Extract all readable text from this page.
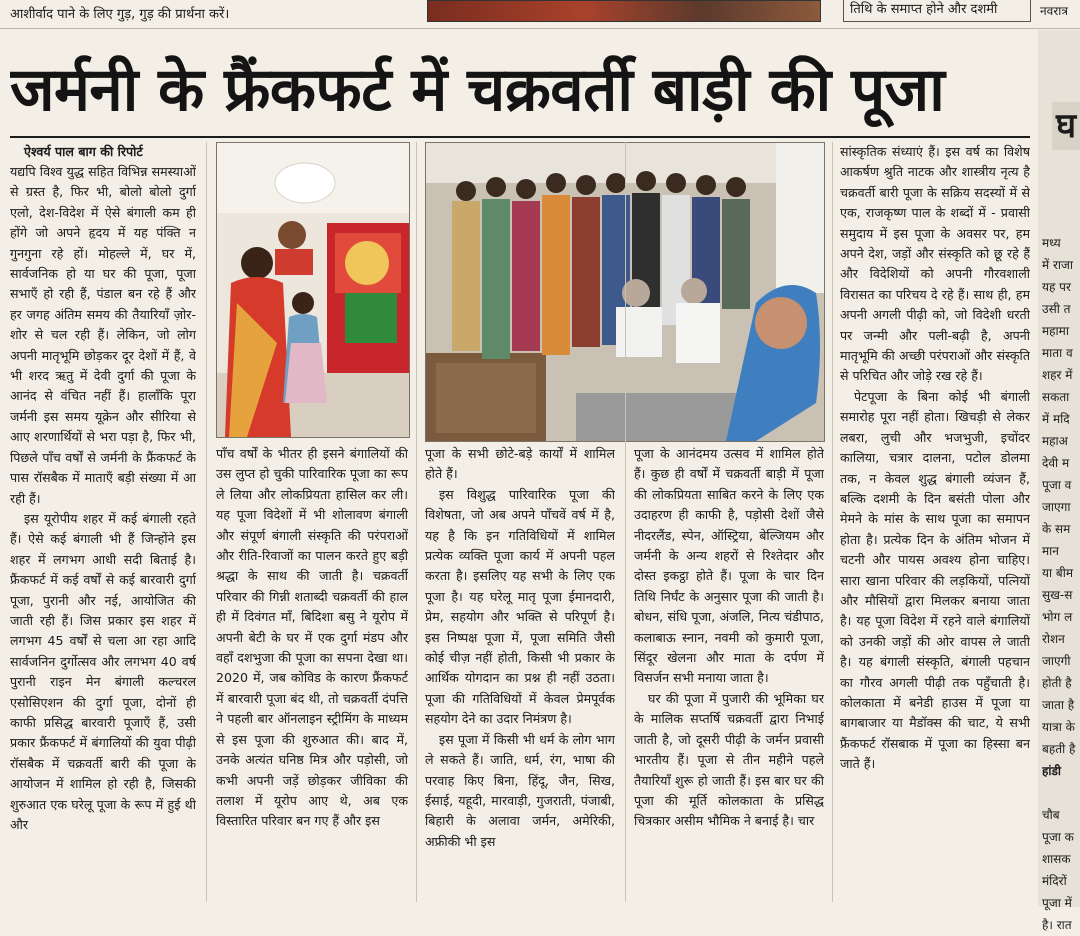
आशीर्वाद पाने के लिए गुड़, गुड़ की प्रार्थना करें।	तिथि के समाप्त होने और दशमी	नवरात्र
जर्मनी के फ्रैंकफर्ट में चक्रवर्ती बाड़ी की पूजा

ऐश्वर्य पाल बाग की रिपोर्ट

यद्यपि विश्व युद्ध सहित विभिन्न समस्याओं से ग्रस्त है, फिर भी, बोलो बोलो दुर्गा एलो, देश-विदेश में ऐसे बंगाली कम ही होंगे जो अपने हृदय में यह पंक्ति न गुनगुना रहे हों। मोहल्ले में, घर में, सार्वजनिक हो या घर की पूजा, पूजा सभाएँ हो रही हैं, पंडाल बन रहे हैं और हर जगह अंतिम समय की तैयारियाँ ज़ोर-शोर से चल रही हैं। लेकिन, जो लोग अपनी मातृभूमि छोड़कर दूर देशों में हैं, वे भी शरद ऋतु में देवी दुर्गा की पूजा के आनंद से वंचित नहीं हैं। हालाँकि पूरा जर्मनी इस समय यूक्रेन और सीरिया से आए शरणार्थियों से भरा पड़ा है, फिर भी, पिछले पाँच वर्षों से जर्मनी के फ्रैंकफर्ट के पास रॉसबैक में माताएँ बड़ी संख्या में आ रही हैं।

इस यूरोपीय शहर में कई बंगाली रहते हैं। ऐसे कई बंगाली भी हैं जिन्होंने इस शहर में लगभग आधी सदी बिताई है। फ्रैंकफर्ट में कई वर्षों से कई बारवारी दुर्गा पूजा, पुरानी और नई, आयोजित की जाती रही हैं। जिस प्रकार इस शहर में लगभग 45 वर्षों से चला आ रहा आदि सार्वजनिन दुर्गोत्सव और लगभग 40 वर्ष पुरानी राइन मेन बंगाली कल्चरल एसोसिएशन की दुर्गा पूजा, दोनों ही काफी प्रसिद्ध बारवारी पूजाएँ हैं, उसी प्रकार फ्रैंकफर्ट में बंगालियों की युवा पीढ़ी रॉसबैक में चक्रवर्ती बारी की पूजा के आयोजन में शामिल हो रही है, जिसकी शुरुआत एक घरेलू पूजा के रूप में हुई थी और

पाँच वर्षों के भीतर ही इसने बंगालियों की उस लुप्त हो चुकी पारिवारिक पूजा का रूप ले लिया और लोकप्रियता हासिल कर ली। यह पूजा विदेशों में भी शोलावण बंगाली और संपूर्ण बंगाली संस्कृति की परंपराओं और रीति-रिवाजों का पालन करते हुए बड़ी श्रद्धा के साथ की जाती है। चक्रवर्ती परिवार की गिन्नी शताब्दी चक्रवर्ती की हाल ही में दिवंगत माँ, बिदिशा बसु ने यूरोप में अपनी बेटी के घर में एक दुर्गा मंडप और वहाँ दशभुजा की पूजा का सपना देखा था। 2020 में, जब कोविड के कारण फ्रैंकफर्ट में बारवारी पूजा बंद थी, तो चक्रवर्ती दंपत्ति ने पहली बार ऑनलाइन स्ट्रीमिंग के माध्यम से इस पूजा की शुरुआत की। बाद में, उनके अत्यंत घनिष्ठ मित्र और पड़ोसी, जो कभी अपनी जड़ें छोड़कर जीविका की तलाश में यूरोप आए थे, अब एक विस्तारित परिवार बन गए हैं और इस

पूजा के सभी छोटे-बड़े कार्यों में शामिल होते हैं।

इस विशुद्ध पारिवारिक पूजा की विशेषता, जो अब अपने पाँचवें वर्ष में है, यह है कि इन गतिविधियों में शामिल प्रत्येक व्यक्ति पूजा कार्य में अपनी पहल करता है। इसलिए यह सभी के लिए एक पूजा है। यह घरेलू मातृ पूजा ईमानदारी, प्रेम, सहयोग और भक्ति से परिपूर्ण है। इस निष्पक्ष पूजा में, पूजा समिति जैसी कोई चीज़ नहीं होती, किसी भी प्रकार के आर्थिक योगदान का प्रश्न ही नहीं उठता। पूजा की गतिविधियों में केवल प्रेमपूर्वक सहयोग देने का उदार निमंत्रण है।

इस पूजा में किसी भी धर्म के लोग भाग ले सकते हैं। जाति, धर्म, रंग, भाषा की परवाह किए बिना, हिंदू, जैन, सिख, ईसाई, यहूदी, मारवाड़ी, गुजराती, पंजाबी, बिहारी के अलावा जर्मन, अमेरिकी, अफ्रीकी भी इस

पूजा के आनंदमय उत्सव में शामिल होते हैं। कुछ ही वर्षों में चक्रवर्ती बाड़ी में पूजा की लोकप्रियता साबित करने के लिए एक उदाहरण ही काफी है, पड़ोसी देशों जैसे नीदरलैंड, स्पेन, ऑस्ट्रिया, बेल्जियम और जर्मनी के अन्य शहरों से रिश्तेदार और दोस्त इकट्ठा होते हैं। पूजा के चार दिन तिथि निर्घंट के अनुसार पूजा की जाती है। बोधन, संधि पूजा, अंजलि, नित्य चंडीपाठ, कलाबाऊ स्नान, नवमी को कुमारी पूजा, सिंदूर खेलना और माता के दर्पण में विसर्जन सभी मनाया जाता है।

घर की पूजा में पुजारी की भूमिका घर के मालिक सप्तर्षि चक्रवर्ती द्वारा निभाई जाती है, जो दूसरी पीढ़ी के जर्मन प्रवासी भारतीय हैं। पूजा से तीन महीने पहले तैयारियाँ शुरू हो जाती हैं। इस बार घर की पूजा की मूर्ति कोलकाता के प्रसिद्ध चित्रकार असीम भौमिक ने बनाई है। चार

सांस्कृतिक संध्याएं हैं। इस वर्ष का विशेष आकर्षण श्रुति नाटक और शास्त्रीय नृत्य है चक्रवर्ती बारी पूजा के सक्रिय सदस्यों में से एक, राजकृष्ण पाल के शब्दों में - प्रवासी समुदाय में इस पूजा के अवसर पर, हम अपने देश, जड़ों और संस्कृति को छू रहे हैं और विदेशियों को अपनी गौरवशाली विरासत का परिचय दे रहे हैं। साथ ही, हम अपनी अगली पीढ़ी को, जो विदेशी धरती पर जन्मी और पली-बढ़ी है, अपनी मातृभूमि की अच्छी परंपराओं और संस्कृति से परिचित और जोड़े रख रहे हैं।

पेटपूजा के बिना कोई भी बंगाली समारोह पूरा नहीं होता। खिचड़ी से लेकर लबरा, लुची और भजभुजी, इचोंदर कालिया, चत्रार दालना, पटोल डोलमा तक, न केवल शुद्ध बंगाली व्यंजन हैं, बल्कि दशमी के दिन बसंती पोला और मेमने के मांस के साथ पूजा का समापन होता है। प्रत्येक दिन के अंतिम भोजन में चटनी और पायस अवश्य होना चाहिए। सारा खाना परिवार की लड़कियों, पत्नियों और मौसियों द्वारा मिलकर बनाया जाता है। यह पूजा विदेश में रहने वाले बंगालियों को उनकी जड़ों की ओर वापस ले जाती है। यह बंगाली संस्कृति, बंगाली पहचान का गौरव अगली पीढ़ी तक पहुँचाती है। कोलकाता में बनेडी हाउस में पूजा या बागबाजार या मैडॉक्स की चाट, ये सभी फ्रैंकफर्ट रॉसबाक में पूजा का हिस्सा बन जाते हैं।

घ
मध्य
में राजा
यह पर
उसी त
महामा
माता व
शहर में
सकता
में मदि
महाअ
देवी म
पूजा व
जाएगा
के सम
मान
या बीम
सुख-स
भोग ल
रोशन
जाएगी
होती है
जाता है
यात्रा के
बहती है
हांडी
चौब
पूजा क
शासक
मंदिरों
पूजा में
है। रात
